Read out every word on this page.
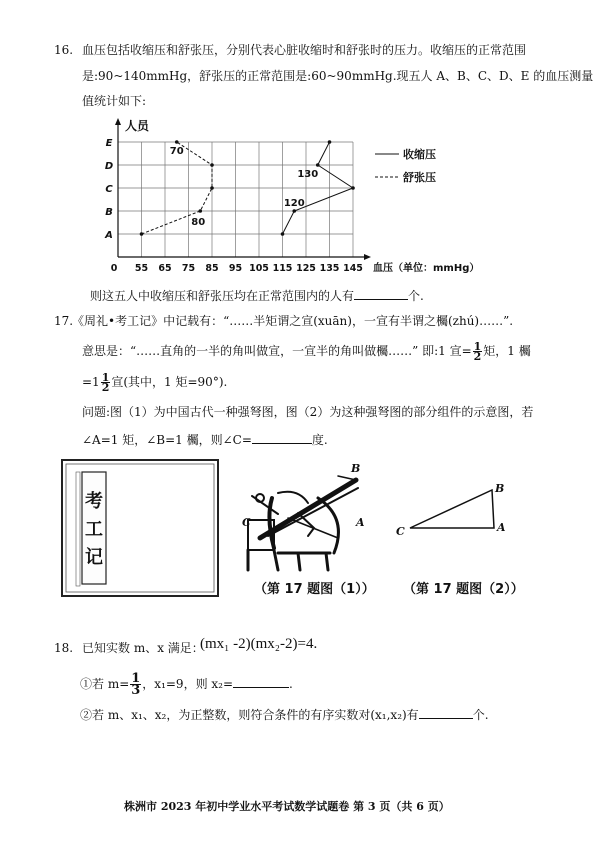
16. 血压包括收缩压和舒张压，分别代表心脏收缩时和舒张时的压力。收缩压的正常范围
是:90~140mmHg，舒张压的正常范围是:60~90mmHg.现五人 A、B、C、D、E 的血压测量
值统计如下:
人员
血压（单位：mmHg）
0 55 65 75 85 95 105 115 125 135 145
A
B
C
D
E
70
80
130
120
收缩压
舒张压
则这五人中收缩压和舒张压均在正常范围内的人有	个.
17.
《周礼•考工记》中记载有：“……半矩谓之宣(xuān)，一宣有半谓之欘(zhú)……”.
意思是：“……直角的一半的角叫做宣，一宣半的角叫做欘……” 即:1 宣= $\frac{1}{2}$ 矩，1 欘
$=1 \frac{1}{2}$ 宣(其中，1 矩=90°).
问题:图（1）为中国古代一种强弩图，图（2）为这种强弩图的部分组件的示意图，若
∠A=1 矩，∠B=1 欘，则∠C=	度.
考工记
B
C	A
B
A
C
（第 17 题图（1）） （第 17 题图（2））
18. 已知实数 m、x 满足：
(mx₁ -2)(mx₂-2)=4.
①若 $m= \frac{1}{3}$ ，x₁=9，则 x₂=	.
②若 m、x₁、x₂，为正整数，则符合条件的有序实数对(x₁,x₂)有	个.
株洲市 2023 年初中学业水平考试数学试题卷 第 3 页（共 6 页）
